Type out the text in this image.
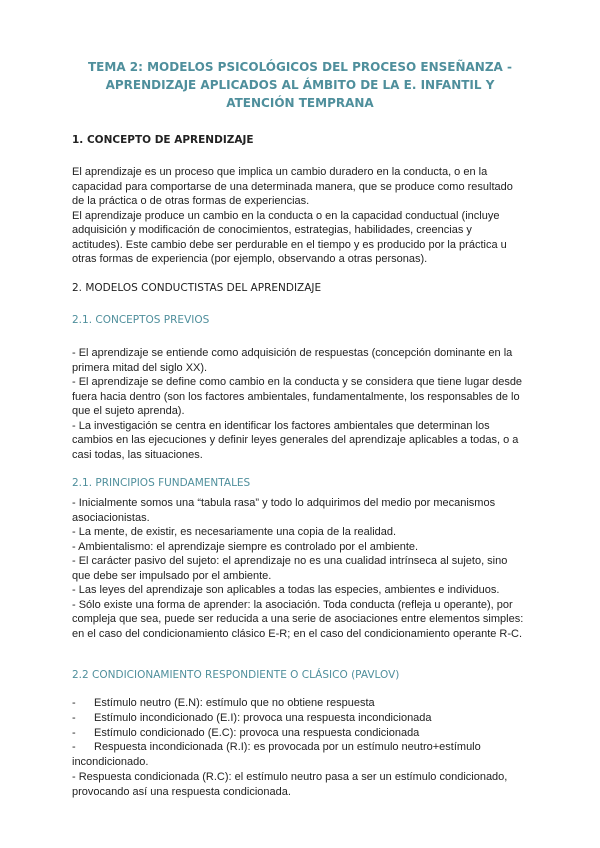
TEMA 2: MODELOS PSICOLÓGICOS DEL PROCESO ENSEÑANZA -
APRENDIZAJE APLICADOS AL ÁMBITO DE LA E. INFANTIL Y
ATENCIÓN TEMPRANA
1. CONCEPTO DE APRENDIZAJE
El aprendizaje es un proceso que implica un cambio duradero en la conducta, o en la
capacidad para comportarse de una determinada manera, que se produce como resultado
de la práctica o de otras formas de experiencias.
El aprendizaje produce un cambio en la conducta o en la capacidad conductual (incluye
adquisición y modificación de conocimientos, estrategias, habilidades, creencias y
actitudes). Este cambio debe ser perdurable en el tiempo y es producido por la práctica u
otras formas de experiencia (por ejemplo, observando a otras personas).
2. MODELOS CONDUCTISTAS DEL APRENDIZAJE
2.1. CONCEPTOS PREVIOS
- El aprendizaje se entiende como adquisición de respuestas (concepción dominante en la
primera mitad del siglo XX).
- El aprendizaje se define como cambio en la conducta y se considera que tiene lugar desde
fuera hacia dentro (son los factores ambientales, fundamentalmente, los responsables de lo
que el sujeto aprenda).
- La investigación se centra en identificar los factores ambientales que determinan los
cambios en las ejecuciones y definir leyes generales del aprendizaje aplicables a todas, o a
casi todas, las situaciones.
2.1. PRINCIPIOS FUNDAMENTALES
- Inicialmente somos una “tabula rasa” y todo lo adquirimos del medio por mecanismos
asociacionistas.
- La mente, de existir, es necesariamente una copia de la realidad.
- Ambientalismo: el aprendizaje siempre es controlado por el ambiente.
- El carácter pasivo del sujeto: el aprendizaje no es una cualidad intrínseca al sujeto, sino
que debe ser impulsado por el ambiente.
- Las leyes del aprendizaje son aplicables a todas las especies, ambientes e individuos.
- Sólo existe una forma de aprender: la asociación. Toda conducta (refleja u operante), por
compleja que sea, puede ser reducida a una serie de asociaciones entre elementos simples:
en el caso del condicionamiento clásico E-R; en el caso del condicionamiento operante R-C.
2.2 CONDICIONAMIENTO RESPONDIENTE O CLÁSICO (PAVLOV)
- Estímulo neutro (E.N): estímulo que no obtiene respuesta
- Estímulo incondicionado (E.I): provoca una respuesta incondicionada
- Estímulo condicionado (E.C): provoca una respuesta condicionada
- Respuesta incondicionada (R.I): es provocada por un estímulo neutro+estímulo
incondicionado.
- Respuesta condicionada (R.C): el estímulo neutro pasa a ser un estímulo condicionado,
provocando así una respuesta condicionada.
